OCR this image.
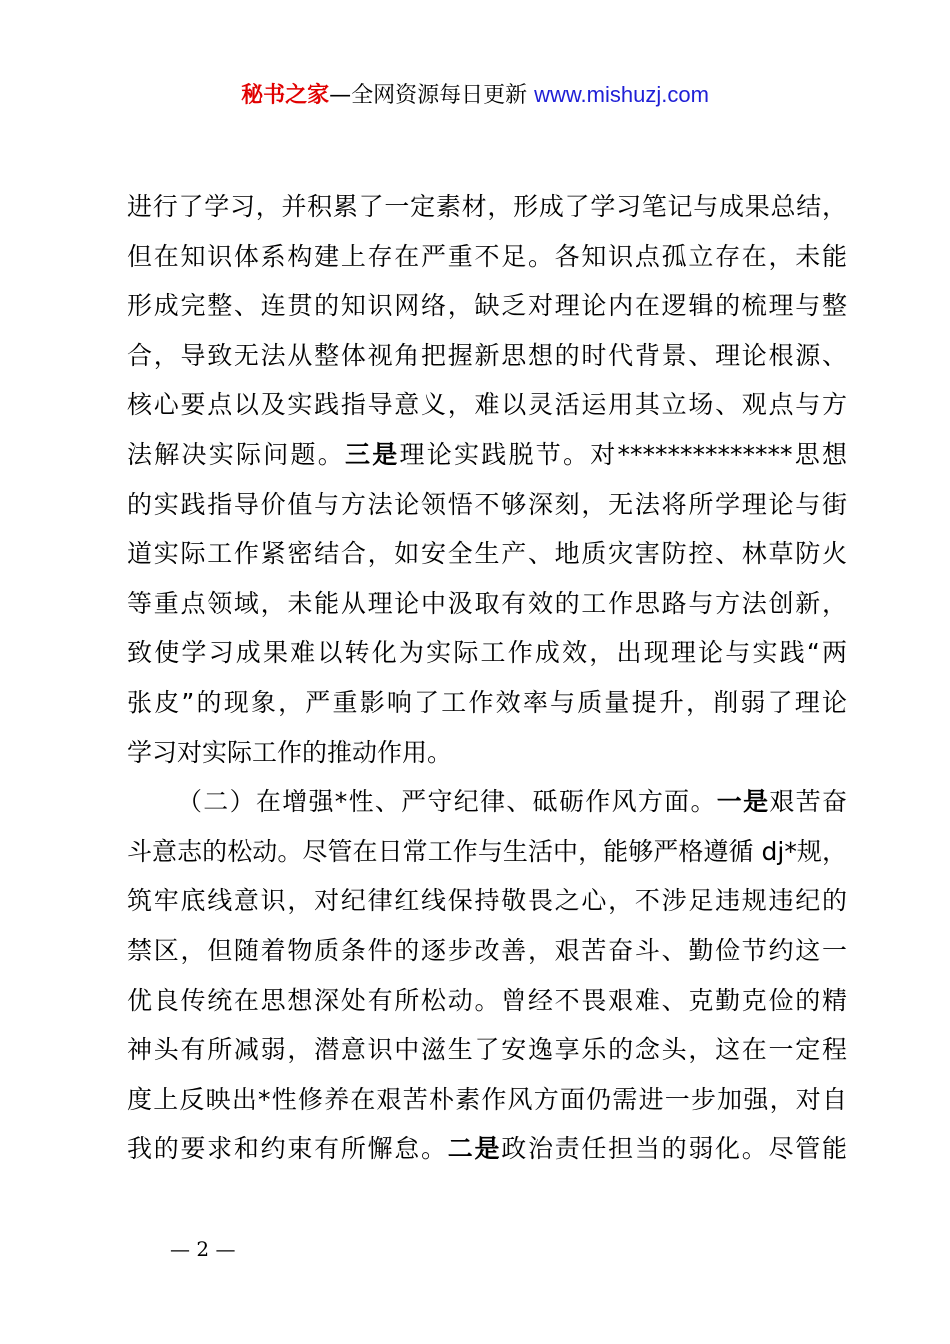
秘书之家—全网资源每日更新 www.mishuzj.com
进行了学习，并积累了一定素材，形成了学习笔记与成果总结，
但在知识体系构建上存在严重不足。各知识点孤立存在，未能
形成完整、连贯的知识网络，缺乏对理论内在逻辑的梳理与整
合，导致无法从整体视角把握新思想的时代背景、理论根源、
核心要点以及实践指导意义，难以灵活运用其立场、观点与方
法解决实际问题。三是理论实践脱节。对**************思想
的实践指导价值与方法论领悟不够深刻，无法将所学理论与街
道实际工作紧密结合，如安全生产、地质灾害防控、林草防火
等重点领域，未能从理论中汲取有效的工作思路与方法创新，
致使学习成果难以转化为实际工作成效，出现理论与实践“两
张皮”的现象，严重影响了工作效率与质量提升，削弱了理论
学习对实际工作的推动作用。
（二）在增强*性、严守纪律、砥砺作风方面。一是艰苦奋
斗意志的松动。尽管在日常工作与生活中，能够严格遵循 dj*规，
筑牢底线意识，对纪律红线保持敬畏之心，不涉足违规违纪的
禁区，但随着物质条件的逐步改善，艰苦奋斗、勤俭节约这一
优良传统在思想深处有所松动。曾经不畏艰难、克勤克俭的精
神头有所减弱，潜意识中滋生了安逸享乐的念头，这在一定程
度上反映出*性修养在艰苦朴素作风方面仍需进一步加强，对自
我的要求和约束有所懈怠。二是政治责任担当的弱化。尽管能
— 2 —
